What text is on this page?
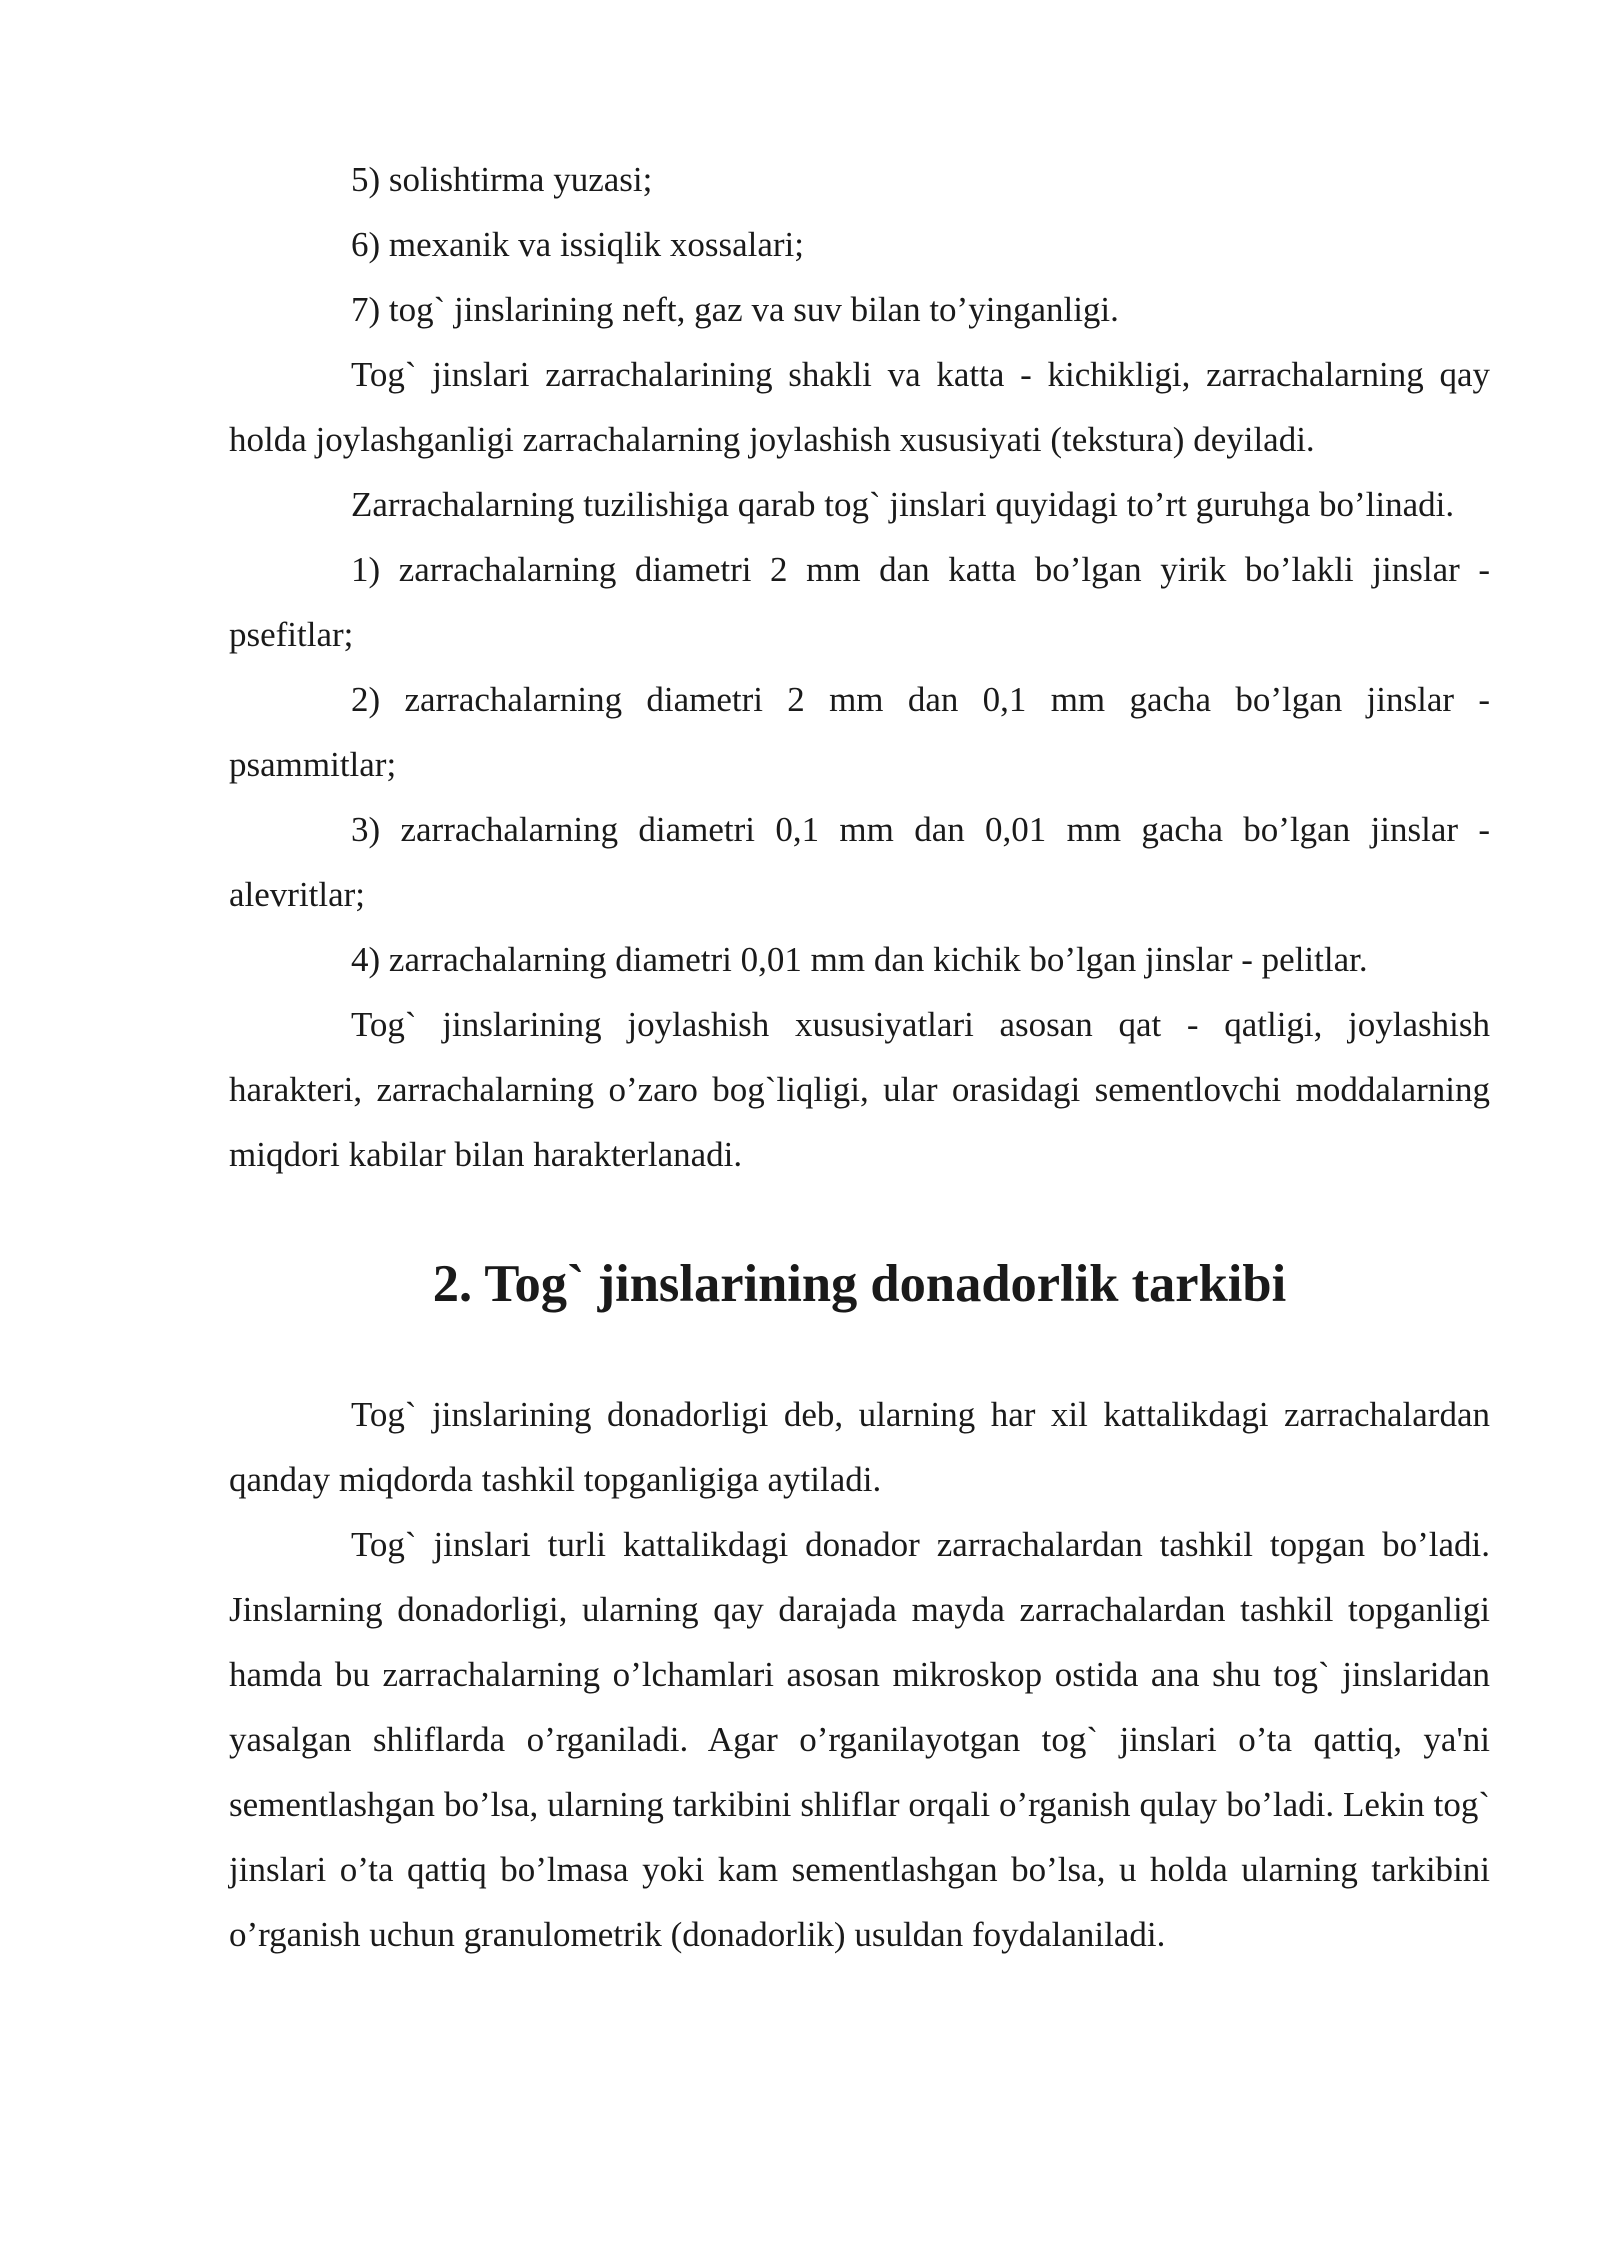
5) solishtirma yuzasi;

6) mexanik va issiqlik xossalari;

7) tog` jinslarining neft, gaz va suv bilan to’yinganligi.

Tog` jinslari zarrachalarining shakli va katta - kichikligi, zarrachalarning qay holda joylashganligi zarrachalarning joylashish xususiyati (tekstura) deyiladi.

Zarrachalarning tuzilishiga qarab tog` jinslari quyidagi to’rt guruhga bo’linadi.

1) zarrachalarning diametri 2 mm dan katta bo’lgan yirik bo’lakli jinslar - psefitlar;

2) zarrachalarning diametri 2 mm dan 0,1 mm gacha bo’lgan jinslar - psammitlar;

3) zarrachalarning diametri 0,1 mm dan 0,01 mm gacha bo’lgan jinslar - alevritlar;

4) zarrachalarning diametri 0,01 mm dan kichik bo’lgan jinslar - pelitlar.

Tog` jinslarining joylashish xususiyatlari asosan qat - qatligi, joylashish harakteri, zarrachalarning o’zaro bog`liqligi, ular orasidagi sementlovchi moddalarning miqdori kabilar bilan harakterlanadi.

2. Tog` jinslarining donadorlik tarkibi

Tog` jinslarining donadorligi deb, ularning har xil kattalikdagi zarrachalardan qanday miqdorda tashkil topganligiga aytiladi.

Tog` jinslari turli kattalikdagi donador zarrachalardan tashkil topgan bo’ladi. Jinslarning donadorligi, ularning qay darajada mayda zarrachalardan tashkil topganligi hamda bu zarrachalarning o’lchamlari asosan mikroskop ostida ana shu tog` jinslaridan yasalgan shliflarda o’rganiladi. Agar o’rganilayotgan tog` jinslari o’ta qattiq, ya'ni sementlashgan bo’lsa, ularning tarkibini shliflar orqali o’rganish qulay bo’ladi. Lekin tog` jinslari o’ta qattiq bo’lmasa yoki kam sementlashgan bo’lsa, u holda ularning tarkibini o’rganish uchun granulometrik (donadorlik) usuldan foydalaniladi.
